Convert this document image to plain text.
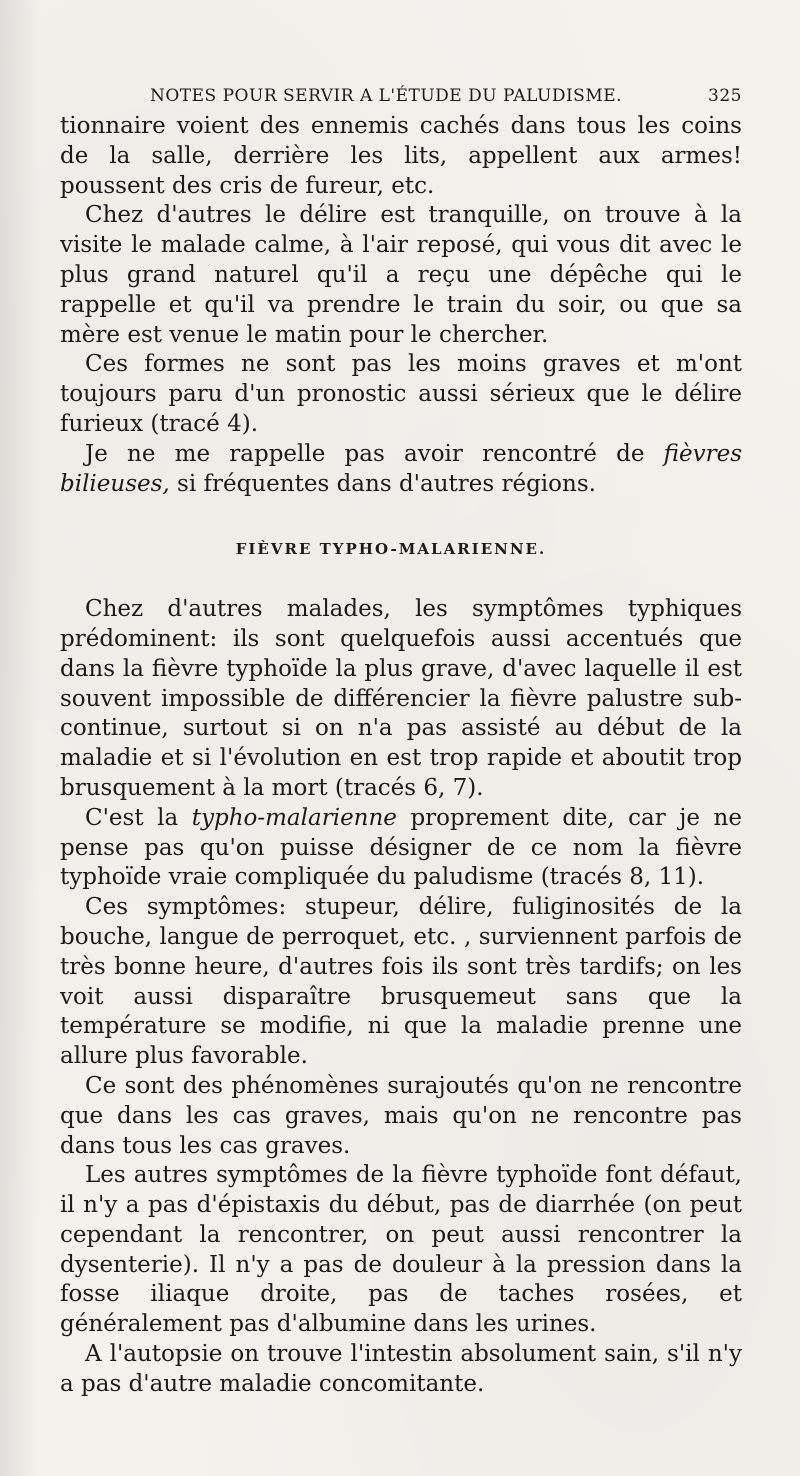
NOTES POUR SERVIR A L'ÉTUDE DU PALUDISME.	325

tionnaire voient des ennemis cachés dans tous les coins de la salle, derrière les lits, appellent aux armes! poussent des cris de fureur, etc.

Chez d'autres le délire est tranquille, on trouve à la visite le malade calme, à l'air reposé, qui vous dit avec le plus grand naturel qu'il a reçu une dépêche qui le rappelle et qu'il va prendre le train du soir, ou que sa mère est venue le matin pour le chercher.

Ces formes ne sont pas les moins graves et m'ont toujours paru d'un pronostic aussi sérieux que le délire furieux (tracé 4).

Je ne me rappelle pas avoir rencontré de fièvres bilieuses, si fréquentes dans d'autres régions.

FIÈVRE TYPHO-MALARIENNE.

Chez d'autres malades, les symptômes typhiques prédominent: ils sont quelquefois aussi accentués que dans la fièvre typhoïde la plus grave, d'avec laquelle il est souvent impossible de différencier la fièvre palustre sub-continue, surtout si on n'a pas assisté au début de la maladie et si l'évolution en est trop rapide et aboutit trop brusquement à la mort (tracés 6, 7).

C'est la typho-malarienne proprement dite, car je ne pense pas qu'on puisse désigner de ce nom la fièvre typhoïde vraie compliquée du paludisme (tracés 8, 11).

Ces symptômes: stupeur, délire, fuliginosités de la bouche, langue de perroquet, etc. , surviennent parfois de très bonne heure, d'autres fois ils sont très tardifs; on les voit aussi disparaître brusquemeut sans que la température se modifie, ni que la maladie prenne une allure plus favorable.

Ce sont des phénomènes surajoutés qu'on ne rencontre que dans les cas graves, mais qu'on ne rencontre pas dans tous les cas graves.

Les autres symptômes de la fièvre typhoïde font défaut, il n'y a pas d'épistaxis du début, pas de diarrhée (on peut cependant la rencontrer, on peut aussi rencontrer la dysenterie). Il n'y a pas de douleur à la pression dans la fosse iliaque droite, pas de taches rosées, et généralement pas d'albumine dans les urines.

A l'autopsie on trouve l'intestin absolument sain, s'il n'y a pas d'autre maladie concomitante.
